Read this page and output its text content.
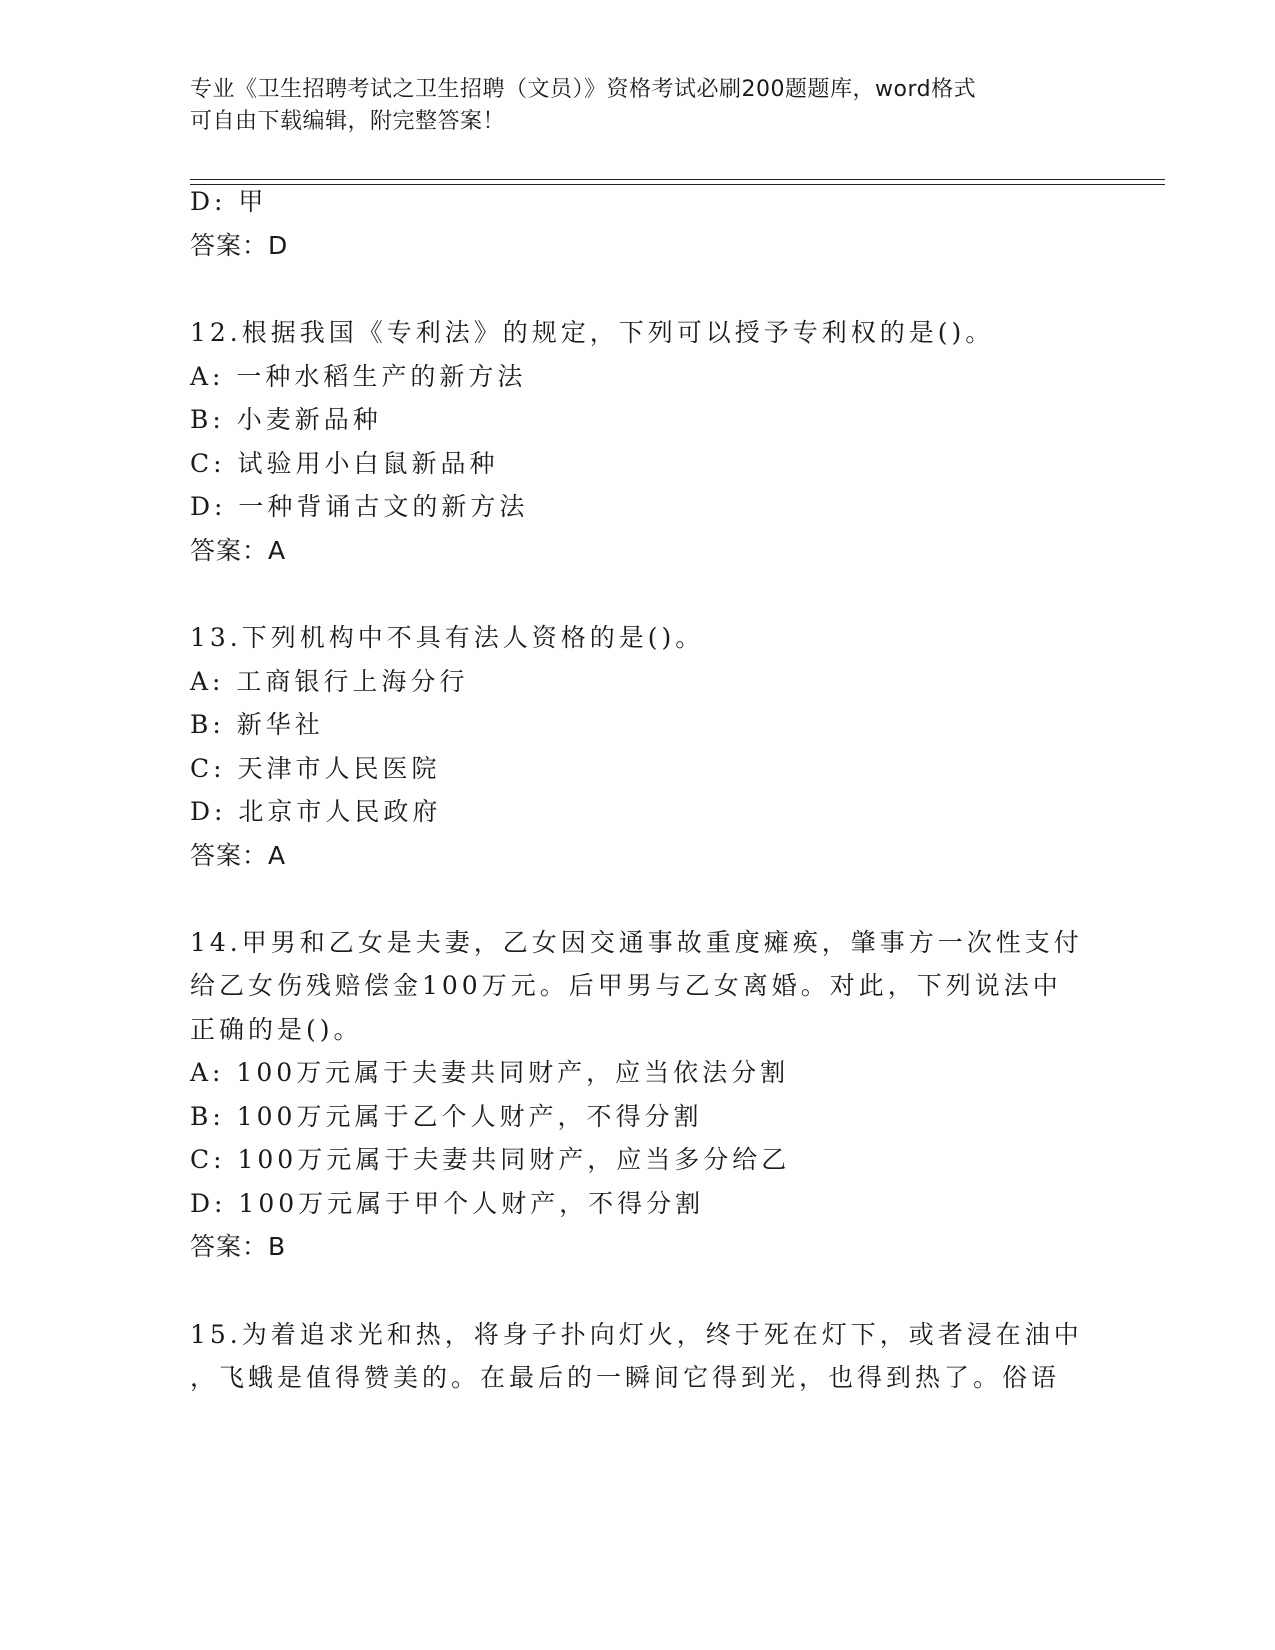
专业《卫生招聘考试之卫生招聘（文员）》资格考试必刷200题题库，word格式
可自由下载编辑，附完整答案！
D: 甲
答案：D
12.根据我国《专利法》的规定，下列可以授予专利权的是()。
A: 一种水稻生产的新方法
B: 小麦新品种
C: 试验用小白鼠新品种
D: 一种背诵古文的新方法
答案：A
13.下列机构中不具有法人资格的是()。
A: 工商银行上海分行
B: 新华社
C: 天津市人民医院
D: 北京市人民政府
答案：A
14.甲男和乙女是夫妻，乙女因交通事故重度瘫痪，肇事方一次性支付
给乙女伤残赔偿金100万元。后甲男与乙女离婚。对此，下列说法中
正确的是()。
A: 100万元属于夫妻共同财产，应当依法分割
B: 100万元属于乙个人财产，不得分割
C: 100万元属于夫妻共同财产，应当多分给乙
D: 100万元属于甲个人财产，不得分割
答案：B
15.为着追求光和热，将身子扑向灯火，终于死在灯下，或者浸在油中
，飞蛾是值得赞美的。在最后的一瞬间它得到光，也得到热了。俗语
